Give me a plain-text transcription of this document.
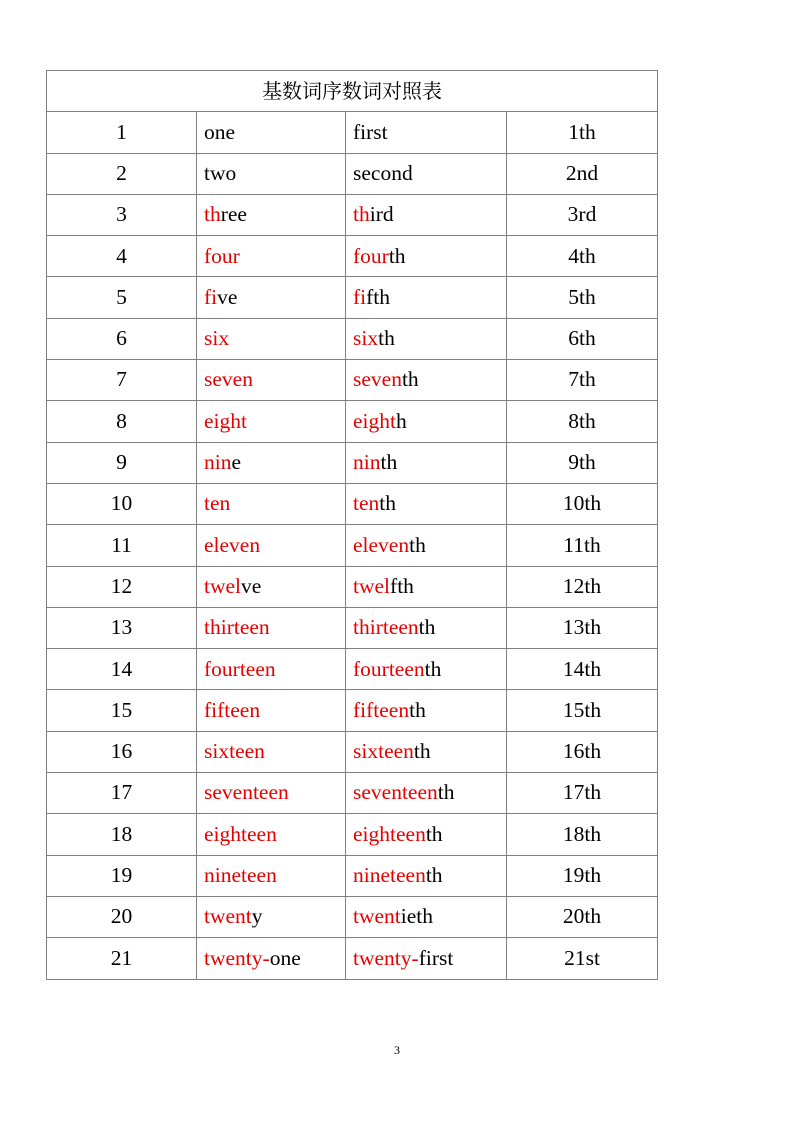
基数词序数词对照表			
1	one	first	1th
2	two	second	2nd
3	three	third	3rd
4	four	fourth	4th
5	five	fifth	5th
6	six	sixth	6th
7	seven	seventh	7th
8	eight	eighth	8th
9	nine	ninth	9th
10	ten	tenth	10th
11	eleven	eleventh	11th
12	twelve	twelfth	12th
13	thirteen	thirteenth	13th
14	fourteen	fourteenth	14th
15	fifteen	fifteenth	15th
16	sixteen	sixteenth	16th
17	seventeen	seventeenth	17th
18	eighteen	eighteenth	18th
19	nineteen	nineteenth	19th
20	twenty	twentieth	20th
21	twenty-one	twenty-first	21st
3
